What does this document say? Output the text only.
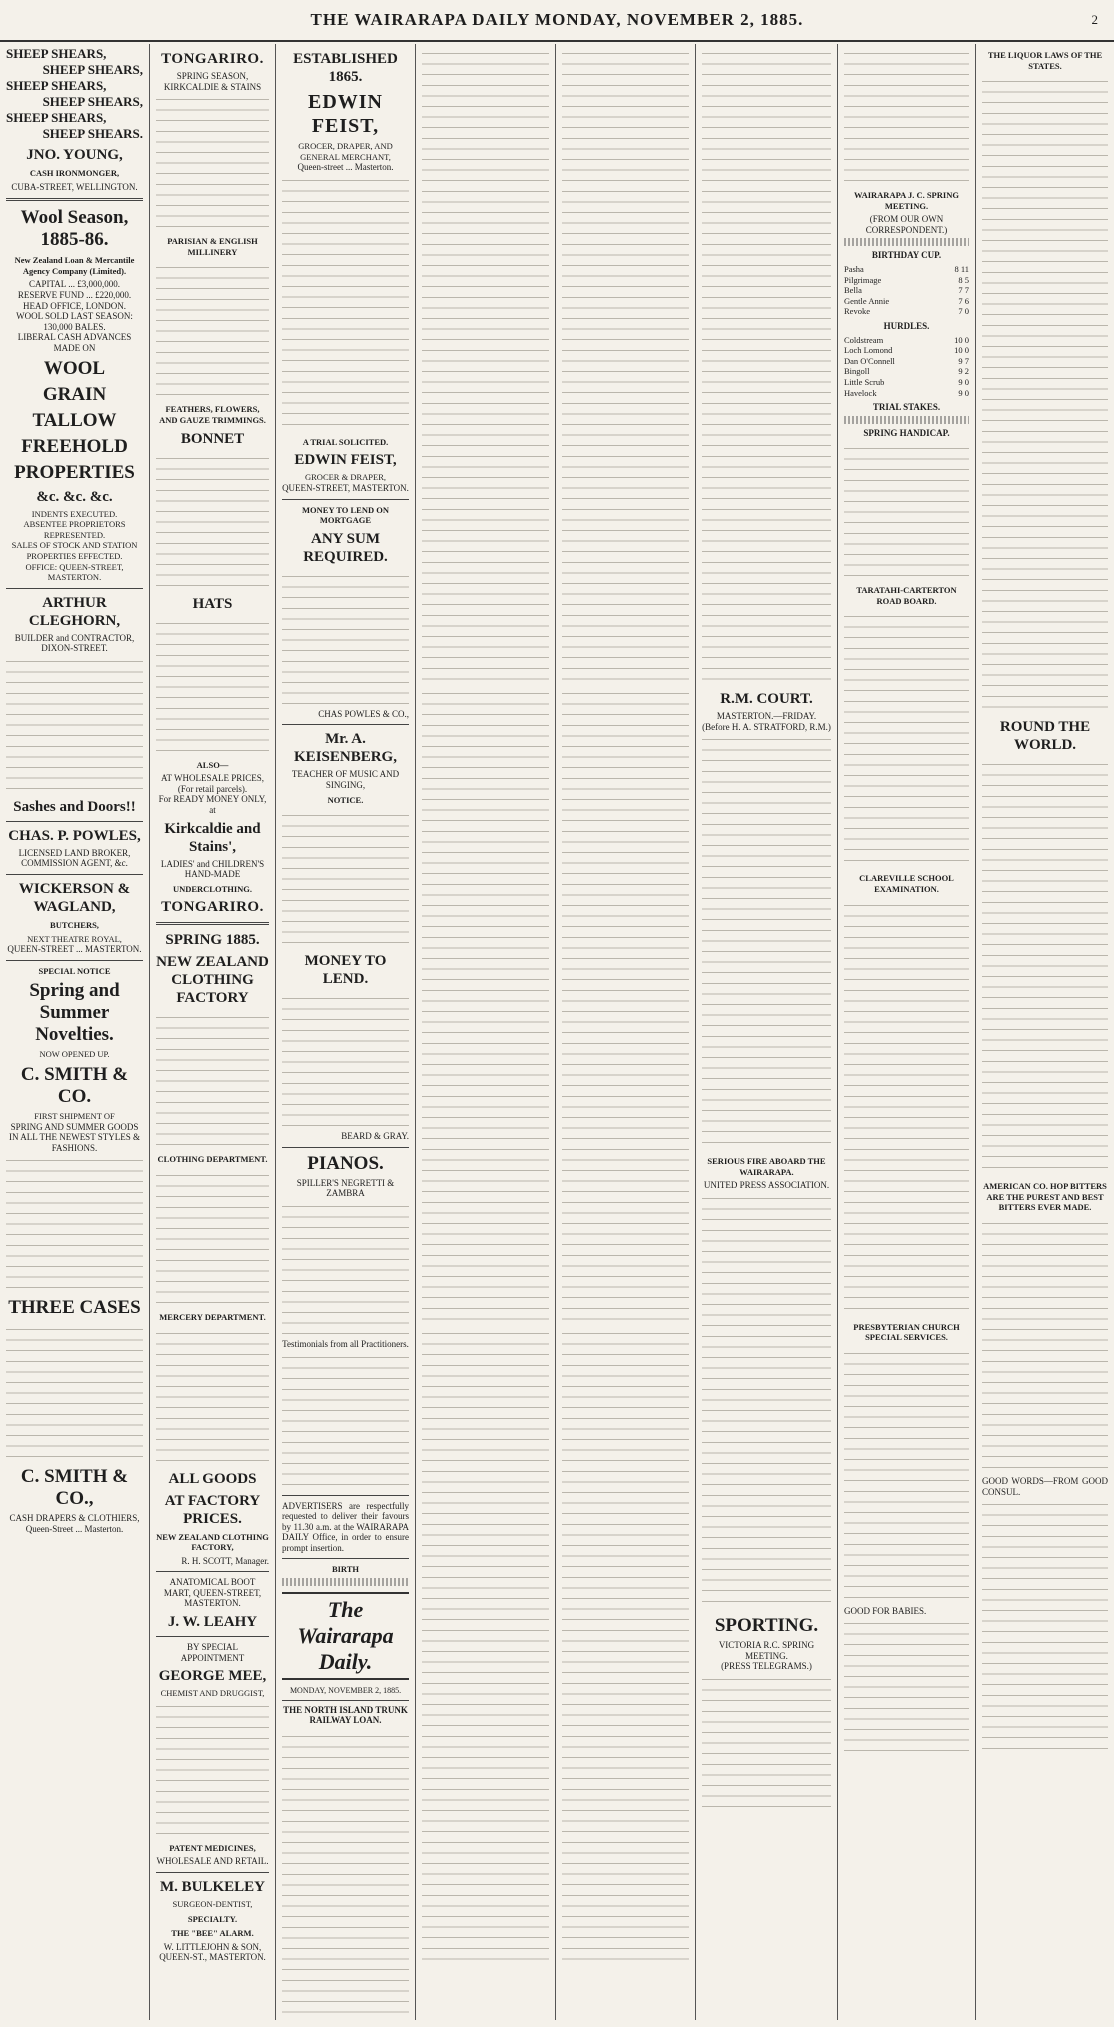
THE WAIRARAPA DAILY MONDAY, NOVEMBER 2, 1885.	2
SHEEP SHEARS,
SHEEP SHEARS,
SHEEP SHEARS,
SHEEP SHEARS,
SHEEP SHEARS,
SHEEP SHEARS.
JNO. YOUNG,
CASH IRONMONGER,
CUBA-STREET, WELLINGTON.
Wool Season, 1885-86.
New Zealand Loan & Mercantile Agency Company (Limited).
CAPITAL ... £3,000,000.
RESERVE FUND ... £220,000.
HEAD OFFICE, LONDON.
WOOL SOLD LAST SEASON: 130,000 BALES.
LIBERAL CASH ADVANCES MADE ON
WOOL
GRAIN
TALLOW
FREEHOLD
PROPERTIES
&c. &c. &c.
INDENTS EXECUTED.
ABSENTEE PROPRIETORS REPRESENTED.
SALES OF STOCK AND STATION PROPERTIES EFFECTED.
OFFICE: QUEEN-STREET, MASTERTON.
ARTHUR CLEGHORN,
BUILDER and CONTRACTOR, DIXON-STREET.
Sashes and Doors!!
CHAS. P. POWLES,
LICENSED LAND BROKER, COMMISSION AGENT, &c.
WICKERSON & WAGLAND,
BUTCHERS,
NEXT THEATRE ROYAL,
QUEEN-STREET ... MASTERTON.
SPECIAL NOTICE
Spring and Summer Novelties.
NOW OPENED UP.
C. SMITH & CO.
FIRST SHIPMENT OF
SPRING AND SUMMER GOODS IN ALL THE NEWEST STYLES & FASHIONS.
THREE CASES
C. SMITH & CO.,
CASH DRAPERS & CLOTHIERS,
Queen-Street ... Masterton.
TONGARIRO.
SPRING SEASON, KIRKCALDIE & STAINS
PARISIAN & ENGLISH MILLINERY
FEATHERS, FLOWERS, AND GAUZE TRIMMINGS.
BONNET
HATS
ALSO—
AT WHOLESALE PRICES, (For retail parcels).
For READY MONEY ONLY, at
Kirkcaldie and Stains',
LADIES' and CHILDREN'S HAND-MADE
UNDERCLOTHING.
TONGARIRO.
SPRING 1885.
NEW ZEALAND CLOTHING FACTORY
CLOTHING DEPARTMENT.
MERCERY DEPARTMENT.
ALL GOODS
AT FACTORY PRICES.
NEW ZEALAND CLOTHING FACTORY,
R. H. SCOTT, Manager.
ANATOMICAL BOOT MART, QUEEN-STREET, MASTERTON.
J. W. LEAHY
BY SPECIAL APPOINTMENT
GEORGE MEE,
CHEMIST AND DRUGGIST,
PATENT MEDICINES,
WHOLESALE AND RETAIL.
M. BULKELEY
SURGEON-DENTIST,
SPECIALTY.
THE "BEE" ALARM.
W. LITTLEJOHN & SON,
QUEEN-ST., MASTERTON.
ESTABLISHED 1865.
EDWIN FEIST,
GROCER, DRAPER, AND GENERAL MERCHANT,
Queen-street ... Masterton.
A TRIAL SOLICITED.
EDWIN FEIST,
GROCER & DRAPER,
QUEEN-STREET, MASTERTON.
MONEY TO LEND ON MORTGAGE
ANY SUM REQUIRED.
CHAS POWLES & CO.,
Mr. A. KEISENBERG,
TEACHER OF MUSIC AND SINGING,
NOTICE.
MONEY TO LEND.
BEARD & GRAY.
PIANOS.
SPILLER'S NEGRETTI & ZAMBRA
Testimonials from all Practitioners.
ADVERTISERS are respectfully requested to deliver their favours by 11.30 a.m. at the WAIRARAPA DAILY Office, in order to ensure prompt insertion.
BIRTH
The Wairarapa Daily.
MONDAY, NOVEMBER 2, 1885.
THE NORTH ISLAND TRUNK RAILWAY LOAN.
R.M. COURT.
MASTERTON.—FRIDAY.
(Before H. A. STRATFORD, R.M.)
SERIOUS FIRE ABOARD THE WAIRARAPA.
UNITED PRESS ASSOCIATION.
SPORTING.
VICTORIA R.C. SPRING MEETING.
(PRESS TELEGRAMS.)
WAIRARAPA J. C. SPRING MEETING.
(FROM OUR OWN CORRESPONDENT.)
BIRTHDAY CUP.
Pasha	8 11
Pilgrimage	8 5
Bella	7 7
Gentle Annie	7 6
Revoke	7 0
HURDLES.
Coldstream	10 0
Loch Lomond	10 0
Dan O'Connell	9 7
Bingoll	9 2
Little Scrub	9 0
Havelock	9 0
TRIAL STAKES.
SPRING HANDICAP.
TARATAHI-CARTERTON ROAD BOARD.
CLAREVILLE SCHOOL EXAMINATION.
PRESBYTERIAN CHURCH SPECIAL SERVICES.
GOOD FOR BABIES.
THE LIQUOR LAWS OF THE STATES.
ROUND THE WORLD.
AMERICAN CO. HOP BITTERS ARE THE PUREST AND BEST BITTERS EVER MADE.
GOOD WORDS—FROM GOOD CONSUL.
